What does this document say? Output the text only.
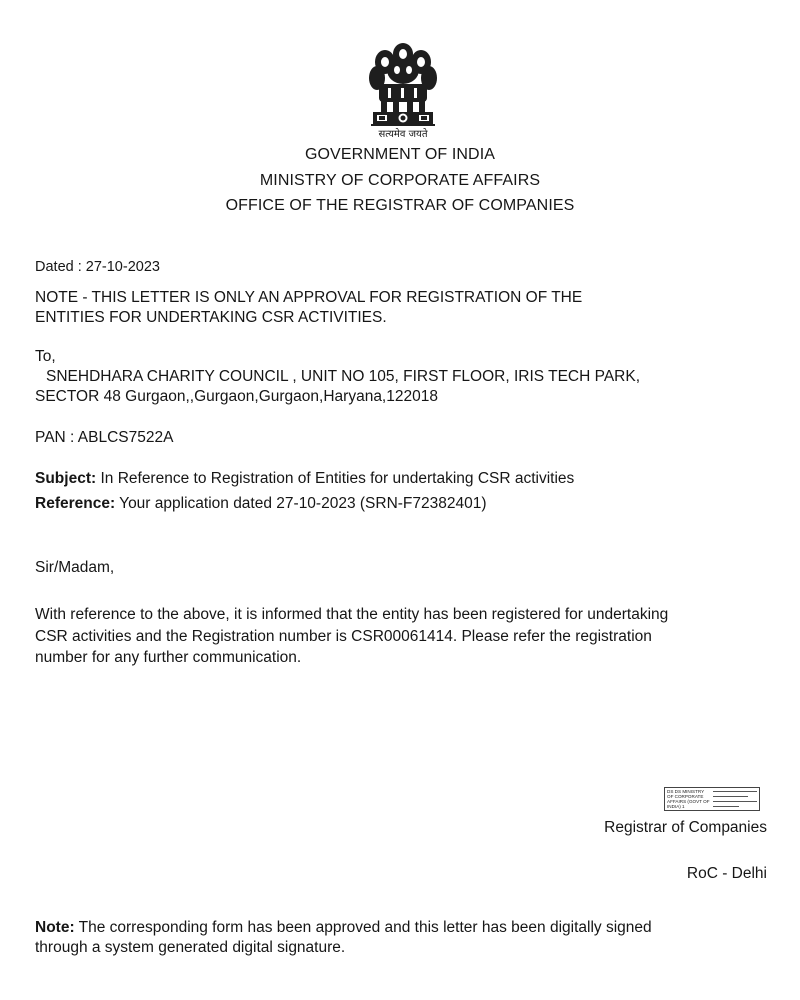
सत्यमेव जयते
GOVERNMENT OF INDIA
MINISTRY OF CORPORATE AFFAIRS
OFFICE OF THE REGISTRAR OF COMPANIES
Dated : 27-10-2023
NOTE - THIS LETTER IS ONLY AN APPROVAL FOR REGISTRATION OF THE
ENTITIES FOR UNDERTAKING CSR ACTIVITIES.
To,
SNEHDHARA CHARITY COUNCIL , UNIT NO 105, FIRST FLOOR, IRIS TECH PARK,
SECTOR 48 Gurgaon,,Gurgaon,Gurgaon,Haryana,122018
PAN : ABLCS7522A
Subject: In Reference to Registration of Entities for undertaking CSR activities
Reference: Your application dated 27-10-2023 (SRN-F72382401)
Sir/Madam,
With reference to the above, it is informed that the entity has been registered for undertaking
CSR activities and the Registration number is CSR00061414. Please refer the registration
number for any further communication.
DS DS MINISTRY OF CORPORATE AFFAIRS (GOVT OF INDIA) 1
Registrar of Companies
RoC - Delhi
Note: The corresponding form has been approved and this letter has been digitally signed
through a system generated digital signature.
